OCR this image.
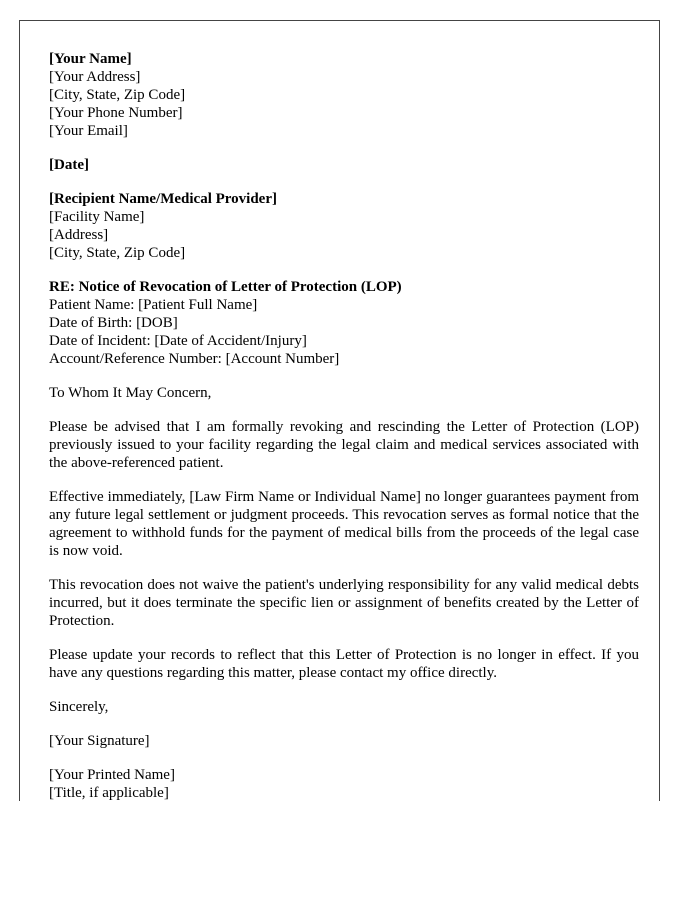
[Your Name]
[Your Address]
[City, State, Zip Code]
[Your Phone Number]
[Your Email]
[Date]
[Recipient Name/Medical Provider]
[Facility Name]
[Address]
[City, State, Zip Code]
RE: Notice of Revocation of Letter of Protection (LOP)
Patient Name: [Patient Full Name]
Date of Birth: [DOB]
Date of Incident: [Date of Accident/Injury]
Account/Reference Number: [Account Number]
To Whom It May Concern,

Please be advised that I am formally revoking and rescinding the Letter of Protection (LOP) previously issued to your facility regarding the legal claim and medical services associated with the above-referenced patient.

Effective immediately, [Law Firm Name or Individual Name] no longer guarantees payment from any future legal settlement or judgment proceeds. This revocation serves as formal notice that the agreement to withhold funds for the payment of medical bills from the proceeds of the legal case is now void.

This revocation does not waive the patient's underlying responsibility for any valid medical debts incurred, but it does terminate the specific lien or assignment of benefits created by the Letter of Protection.

Please update your records to reflect that this Letter of Protection is no longer in effect. If you have any questions regarding this matter, please contact my office directly.

Sincerely,
[Your Signature]
[Your Printed Name]
[Title, if applicable]
